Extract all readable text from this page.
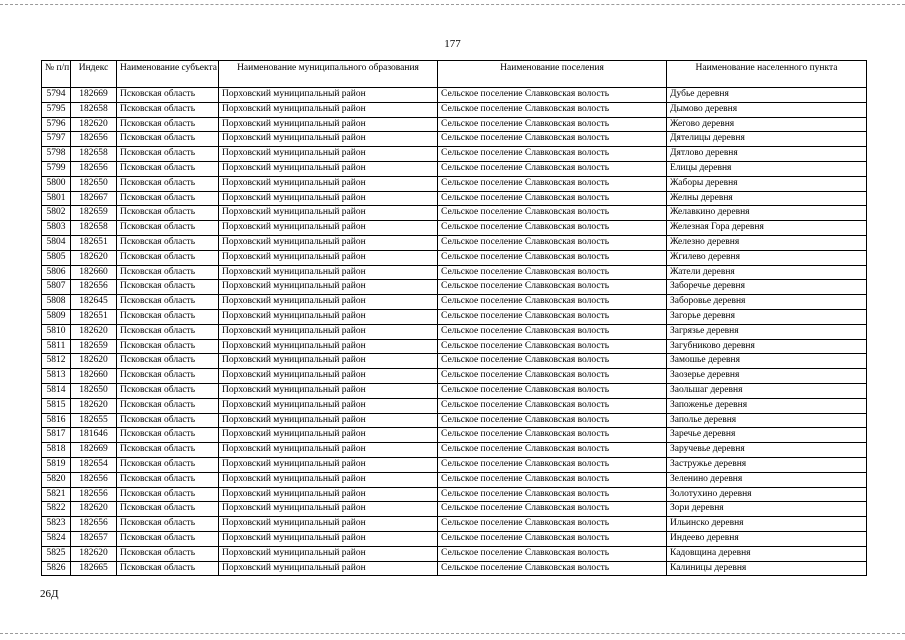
177
№ п/п	Индекс	Наименование субъекта	Наименование муниципального образования	Наименование поселения	Наименование населенного пункта
5794	182669	Псковская область	Порховский муниципальный район	Сельское поселение Славковская волость	Дубье деревня
5795	182658	Псковская область	Порховский муниципальный район	Сельское поселение Славковская волость	Дымово деревня
5796	182620	Псковская область	Порховский муниципальный район	Сельское поселение Славковская волость	Жегово деревня
5797	182656	Псковская область	Порховский муниципальный район	Сельское поселение Славковская волость	Дятелицы деревня
5798	182658	Псковская область	Порховский муниципальный район	Сельское поселение Славковская волость	Дятлово деревня
5799	182656	Псковская область	Порховский муниципальный район	Сельское поселение Славковская волость	Елицы деревня
5800	182650	Псковская область	Порховский муниципальный район	Сельское поселение Славковская волость	Жаборы деревня
5801	182667	Псковская область	Порховский муниципальный район	Сельское поселение Славковская волость	Желны деревня
5802	182659	Псковская область	Порховский муниципальный район	Сельское поселение Славковская волость	Желавкино деревня
5803	182658	Псковская область	Порховский муниципальный район	Сельское поселение Славковская волость	Железная Гора деревня
5804	182651	Псковская область	Порховский муниципальный район	Сельское поселение Славковская волость	Железно деревня
5805	182620	Псковская область	Порховский муниципальный район	Сельское поселение Славковская волость	Жгилево деревня
5806	182660	Псковская область	Порховский муниципальный район	Сельское поселение Славковская волость	Жатели деревня
5807	182656	Псковская область	Порховский муниципальный район	Сельское поселение Славковская волость	Заборечье деревня
5808	182645	Псковская область	Порховский муниципальный район	Сельское поселение Славковская волость	Заборовье деревня
5809	182651	Псковская область	Порховский муниципальный район	Сельское поселение Славковская волость	Загорье деревня
5810	182620	Псковская область	Порховский муниципальный район	Сельское поселение Славковская волость	Загрязье деревня
5811	182659	Псковская область	Порховский муниципальный район	Сельское поселение Славковская волость	Загубниково деревня
5812	182620	Псковская область	Порховский муниципальный район	Сельское поселение Славковская волость	Замошье деревня
5813	182660	Псковская область	Порховский муниципальный район	Сельское поселение Славковская волость	Заозерье деревня
5814	182650	Псковская область	Порховский муниципальный район	Сельское поселение Славковская волость	Заольшаг деревня
5815	182620	Псковская область	Порховский муниципальный район	Сельское поселение Славковская волость	Запоженье деревня
5816	182655	Псковская область	Порховский муниципальный район	Сельское поселение Славковская волость	Заполье деревня
5817	181646	Псковская область	Порховский муниципальный район	Сельское поселение Славковская волость	Заречье деревня
5818	182669	Псковская область	Порховский муниципальный район	Сельское поселение Славковская волость	Заручевье деревня
5819	182654	Псковская область	Порховский муниципальный район	Сельское поселение Славковская волость	Застружье деревня
5820	182656	Псковская область	Порховский муниципальный район	Сельское поселение Славковская волость	Зеленино деревня
5821	182656	Псковская область	Порховский муниципальный район	Сельское поселение Славковская волость	Золотухино деревня
5822	182620	Псковская область	Порховский муниципальный район	Сельское поселение Славковская волость	Зори деревня
5823	182656	Псковская область	Порховский муниципальный район	Сельское поселение Славковская волость	Ильинско деревня
5824	182657	Псковская область	Порховский муниципальный район	Сельское поселение Славковская волость	Индеево деревня
5825	182620	Псковская область	Порховский муниципальный район	Сельское поселение Славковская волость	Кадовщина деревня
5826	182665	Псковская область	Порховский муниципальный район	Сельское поселение Славковская волость	Калиницы деревня
26Д
